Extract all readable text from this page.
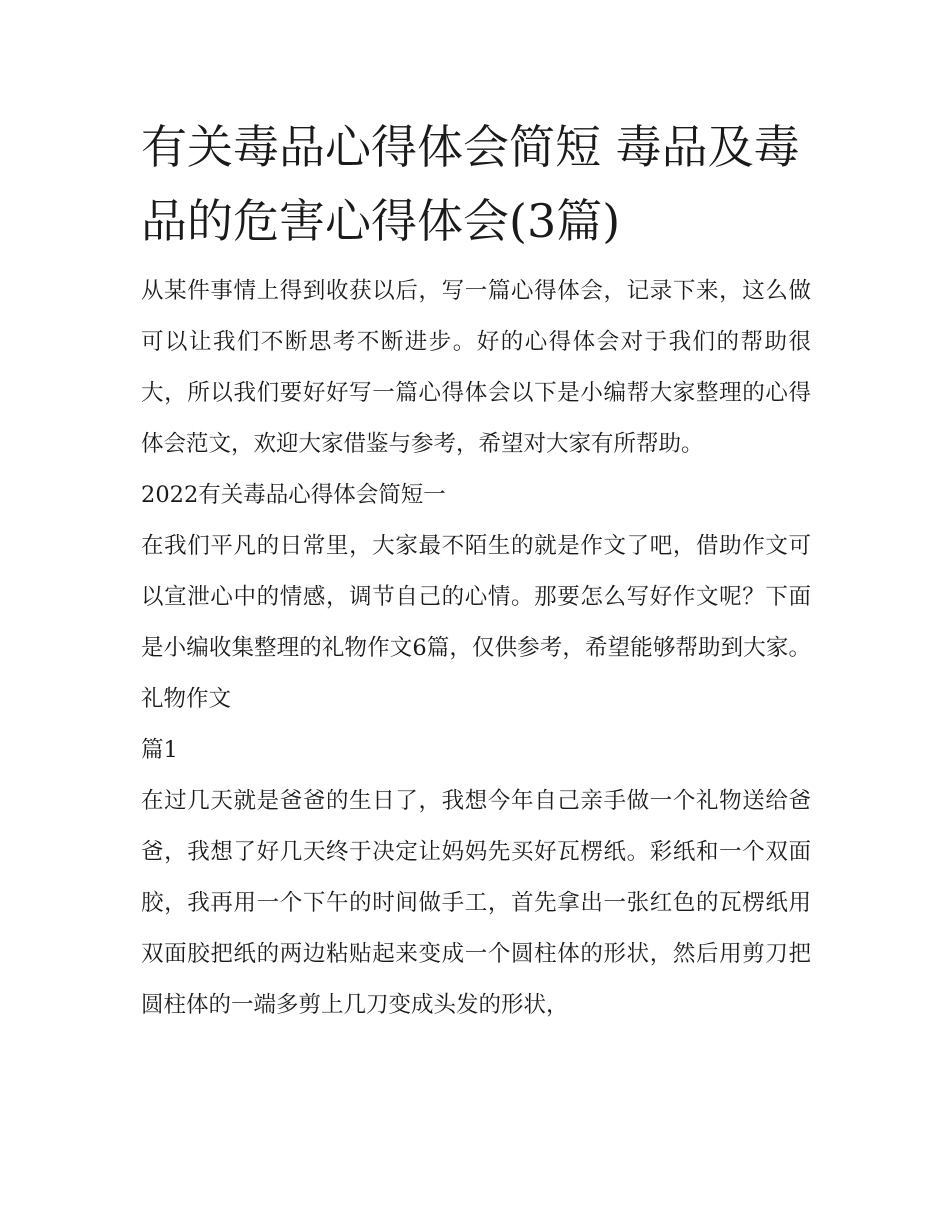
有关毒品心得体会简短 毒品及毒品的危害心得体会(3篇)

从某件事情上得到收获以后，写一篇心得体会，记录下来，这么做可以让我们不断思考不断进步。好的心得体会对于我们的帮助很大，所以我们要好好写一篇心得体会以下是小编帮大家整理的心得体会范文，欢迎大家借鉴与参考，希望对大家有所帮助。

2022有关毒品心得体会简短一

在我们平凡的日常里，大家最不陌生的就是作文了吧，借助作文可以宣泄心中的情感，调节自己的心情。那要怎么写好作文呢？下面是小编收集整理的礼物作文6篇，仅供参考，希望能够帮助到大家。礼物作文

篇1

在过几天就是爸爸的生日了，我想今年自己亲手做一个礼物送给爸爸，我想了好几天终于决定让妈妈先买好瓦楞纸。彩纸和一个双面胶，我再用一个下午的时间做手工，首先拿出一张红色的瓦楞纸用双面胶把纸的两边粘贴起来变成一个圆柱体的形状，然后用剪刀把圆柱体的一端多剪上几刀变成头发的形状，
